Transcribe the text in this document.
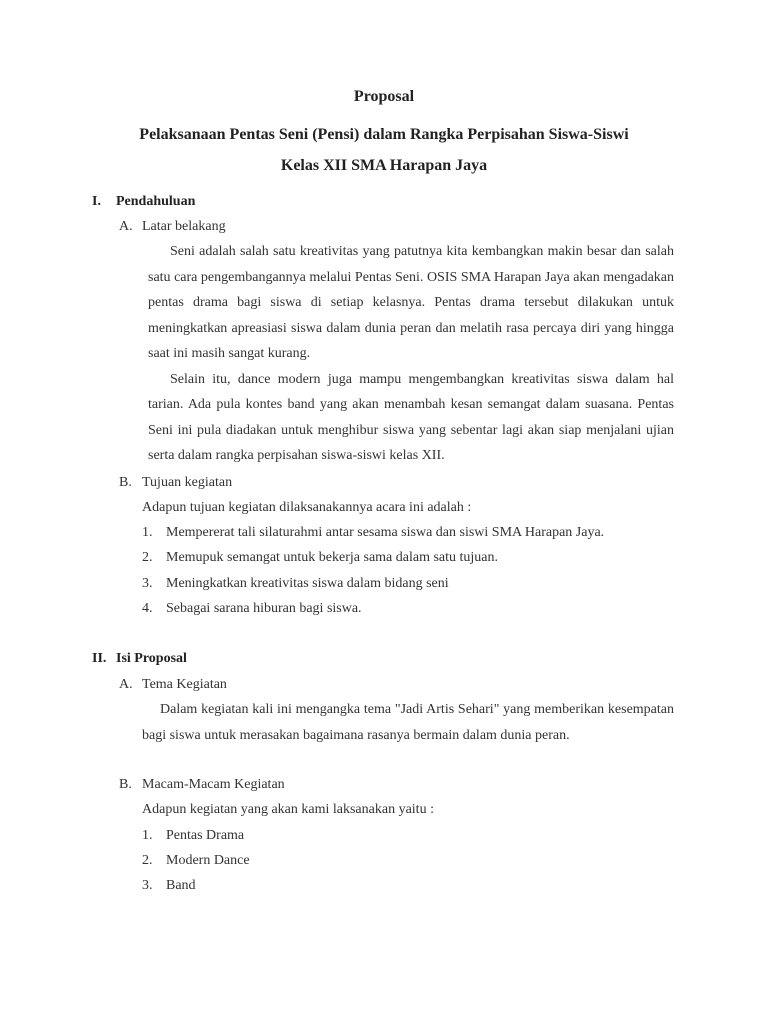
Proposal
Pelaksanaan Pentas Seni (Pensi) dalam Rangka Perpisahan Siswa-Siswi
Kelas XII SMA Harapan Jaya
I. Pendahuluan
A. Latar belakang

Seni adalah salah satu kreativitas yang patutnya kita kembangkan makin besar dan salah satu cara pengembangannya melalui Pentas Seni. OSIS SMA Harapan Jaya akan mengadakan pentas drama bagi siswa di setiap kelasnya. Pentas drama tersebut dilakukan untuk meningkatkan apreasiasi siswa dalam dunia peran dan melatih rasa percaya diri yang hingga saat ini masih sangat kurang.

Selain itu, dance modern juga mampu mengembangkan kreativitas siswa dalam hal tarian. Ada pula kontes band yang akan menambah kesan semangat dalam suasana. Pentas Seni ini pula diadakan untuk menghibur siswa yang sebentar lagi akan siap menjalani ujian serta dalam rangka perpisahan siswa-siswi kelas XII.

B. Tujuan kegiatan
Adapun tujuan kegiatan dilaksanakannya acara ini adalah :
1. Mempererat tali silaturahmi antar sesama siswa dan siswi SMA Harapan Jaya.
2. Memupuk semangat untuk bekerja sama dalam satu tujuan.
3. Meningkatkan kreativitas siswa dalam bidang seni
4. Sebagai sarana hiburan bagi siswa.
II. Isi Proposal
A. Tema Kegiatan

Dalam kegiatan kali ini mengangka tema "Jadi Artis Sehari" yang memberikan kesempatan bagi siswa untuk merasakan bagaimana rasanya bermain dalam dunia peran.

B. Macam-Macam Kegiatan
Adapun kegiatan yang akan kami laksanakan yaitu :
1. Pentas Drama
2. Modern Dance
3. Band
